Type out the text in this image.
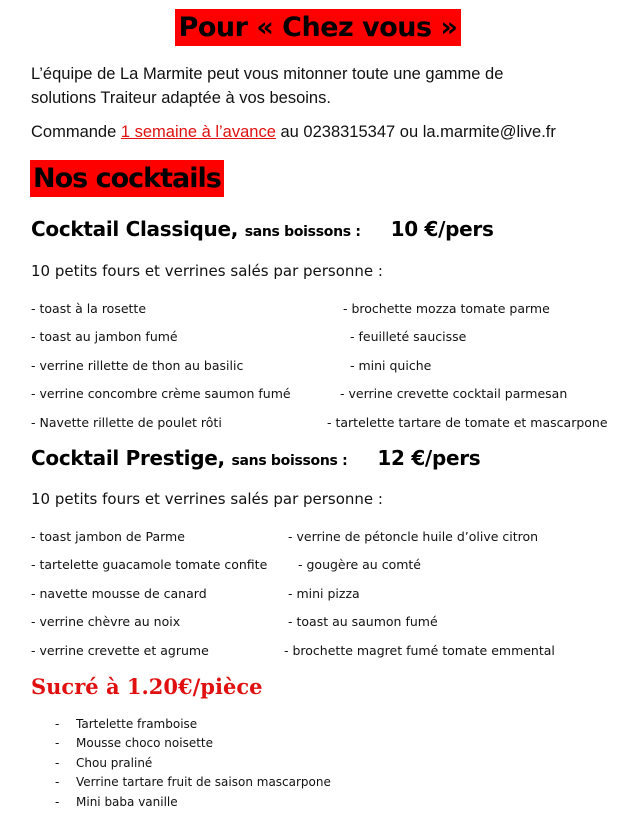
Pour « Chez vous »
L’équipe de La Marmite peut vous mitonner toute une gamme de
solutions Traiteur adaptée à vos besoins.
Commande 1 semaine à l’avance au 0238315347 ou la.marmite@live.fr
Nos cocktails
Cocktail Classique, sans boissons : 10 €/pers
10 petits fours et verrines salés par personne :
- toast à la rosette
- toast au jambon fumé
- verrine rillette de thon au basilic
- verrine concombre crème saumon fumé
- Navette rillette de poulet rôti
- brochette mozza tomate parme
- feuilleté saucisse
- mini quiche
- verrine crevette cocktail parmesan
- tartelette tartare de tomate et mascarpone
Cocktail Prestige, sans boissons : 12 €/pers
10 petits fours et verrines salés par personne :
- toast jambon de Parme
- tartelette guacamole tomate confite
- navette mousse de canard
- verrine chèvre au noix
- verrine crevette et agrume
- verrine de pétoncle huile d’olive citron
- gougère au comté
- mini pizza
- toast au saumon fumé
- brochette magret fumé tomate emmental
Sucré à 1.20€/pièce
- Tartelette framboise
- Mousse choco noisette
- Chou praliné
- Verrine tartare fruit de saison mascarpone
- Mini baba vanille
